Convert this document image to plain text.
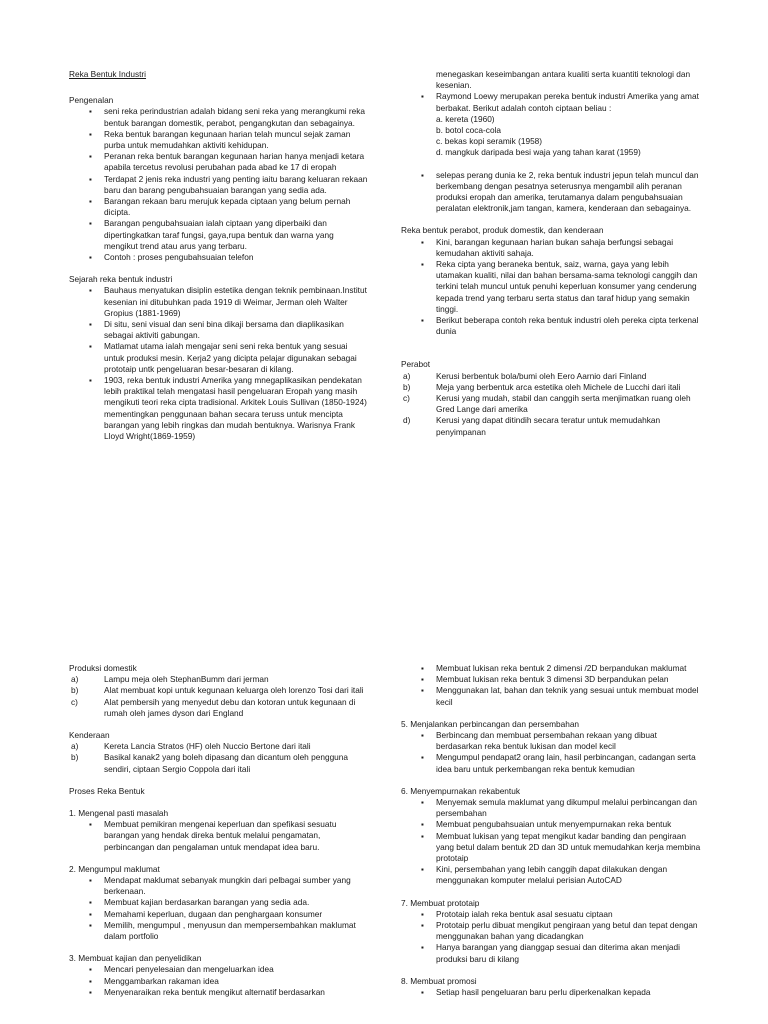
Reka Bentuk Industri

Pengenalan

▪ seni reka perindustrian adalah bidang seni reka yang merangkumi reka bentuk barangan domestik, perabot, pengangkutan dan sebagainya.
▪ Reka bentuk barangan kegunaan harian telah muncul sejak zaman purba untuk memudahkan aktiviti kehidupan.
▪ Peranan reka bentuk barangan kegunaan harian hanya menjadi ketara apabila tercetus revolusi perubahan pada abad ke 17 di eropah
▪ Terdapat 2 jenis reka industri yang penting iaitu barang keluaran rekaan baru dan barang pengubahsuaian barangan yang sedia ada.
▪ Barangan rekaan baru merujuk kepada ciptaan yang belum pernah dicipta.
▪ Barangan pengubahsuaian ialah ciptaan yang diperbaiki dan dipertingkatkan taraf fungsi, gaya,rupa bentuk dan warna yang mengikut trend atau arus yang terbaru.
▪ Contoh : proses pengubahsuaian telefon

Sejarah reka bentuk industri

▪ Bauhaus menyatukan disiplin estetika dengan teknik pembinaan.Institut kesenian ini ditubuhkan pada 1919 di Weimar, Jerman oleh Walter Gropius (1881-1969)
▪ Di situ, seni visual dan seni bina dikaji bersama dan diaplikasikan sebagai aktiviti gabungan.
▪ Matlamat utama ialah mengajar seni seni reka bentuk yang sesuai untuk produksi mesin. Kerja2 yang dicipta pelajar digunakan sebagai prototaip untk pengeluaran besar-besaran di kilang.
▪ 1903, reka bentuk industri Amerika yang mnegaplikasikan pendekatan lebih praktikal telah mengatasi hasil pengeluaran Eropah yang masih mengikuti teori reka cipta tradisional. Arkitek Louis Sullivan (1850-1924) mementingkan penggunaan bahan secara teruss untuk mencipta barangan yang lebih ringkas dan mudah bentuknya. Warisnya Frank Lloyd Wright(1869-1959)

menegaskan keseimbangan antara kualiti serta kuantiti teknologi dan kesenian.

▪ Raymond Loewy merupakan pereka bentuk industri Amerika yang amat berbakat. Berikut adalah contoh ciptaan beliau :

a. kereta (1960)

b. botol coca-cola

c. bekas kopi seramik (1958)

d. mangkuk daripada besi waja yang tahan karat (1959)

▪ selepas perang dunia ke 2, reka bentuk industri jepun telah muncul dan berkembang dengan pesatnya seterusnya mengambil alih peranan produksi eropah dan amerika, terutamanya dalam pengubahsuaian peralatan elektronik,jam tangan, kamera, kenderaan dan sebagainya.

Reka bentuk perabot, produk domestik, dan kenderaan

▪ Kini, barangan kegunaan harian bukan sahaja berfungsi sebagai kemudahan aktiviti sahaja.
▪ Reka cipta yang beraneka bentuk, saiz, warna, gaya yang lebih utamakan kualiti, nilai dan bahan bersama-sama teknologi canggih dan terkini telah muncul untuk penuhi keperluan konsumer yang cenderung kepada trend yang terbaru serta status dan taraf hidup yang semakin tinggi.
▪ Berikut beberapa contoh reka bentuk industri oleh pereka cipta terkenal dunia

Perabot

a)	Kerusi berbentuk bola/bumi oleh Eero Aarnio dari Finland
b)	Meja yang berbentuk arca estetika oleh Michele de Lucchi dari itali
c)	Kerusi yang mudah, stabil dan canggih serta menjimatkan ruang oleh Gred Lange dari amerika
d)	Kerusi yang dapat ditindih secara teratur untuk memudahkan penyimpanan

Produksi domestik

a)	Lampu meja oleh StephanBumm dari jerman
b)	Alat membuat kopi untuk kegunaan keluarga oleh lorenzo Tosi dari itali
c)	Alat pembersih yang menyedut debu dan kotoran untuk kegunaan di rumah oleh james dyson dari England

Kenderaan

a)	Kereta Lancia Stratos (HF) oleh Nuccio Bertone dari itali
b)	Basikal kanak2 yang boleh dipasang dan dicantum oleh pengguna sendiri, ciptaan Sergio Coppola dari itali

Proses Reka Bentuk

1. Mengenal pasti masalah

▪ Membuat pemikiran mengenai keperluan dan spefikasi sesuatu barangan yang hendak direka bentuk melalui pengamatan, perbincangan dan pengalaman untuk mendapat idea baru.

2. Mengumpul maklumat

▪ Mendapat maklumat sebanyak mungkin dari pelbagai sumber yang berkenaan.
▪ Membuat kajian berdasarkan barangan yang sedia ada.
▪ Memahami keperluan, dugaan dan penghargaan konsumer
▪ Memilih, mengumpul , menyusun dan mempersembahkan maklumat dalam portfolio

3. Membuat kajian dan penyelidikan

▪ Mencari penyelesaian dan mengeluarkan idea
▪ Menggambarkan rakaman idea
▪ Menyenaraikan reka bentuk mengikut alternatif berdasarkan
▪ Membuat lukisan reka bentuk 2 dimensi /2D berpandukan maklumat
▪ Membuat lukisan reka bentuk 3 dimensi 3D berpandukan pelan
▪ Menggunakan lat, bahan dan teknik yang sesuai untuk membuat model kecil

5. Menjalankan perbincangan dan persembahan

▪ Berbincang dan membuat persembahan rekaan yang dibuat berdasarkan reka bentuk lukisan dan model kecil
▪ Mengumpul pendapat2 orang lain, hasil perbincangan, cadangan serta idea baru untuk perkembangan reka bentuk kemudian

6. Menyempurnakan rekabentuk

▪ Menyemak semula maklumat yang dikumpul melalui perbincangan dan persembahan
▪ Membuat pengubahsuaian untuk menyempurnakan reka bentuk
▪ Membuat lukisan yang tepat mengikut kadar banding dan pengiraan yang betul dalam bentuk 2D dan 3D untuk memudahkan kerja membina prototaip
▪ Kini, persembahan yang lebih canggih dapat dilakukan dengan menggunakan komputer melalui perisian AutoCAD

7. Membuat prototaip

▪ Prototaip ialah reka bentuk asal sesuatu ciptaan
▪ Prototaip perlu dibuat mengikut pengiraan yang betul dan tepat dengan menggunakan bahan yang dicadangkan
▪ Hanya barangan yang dianggap sesuai dan diterima akan menjadi produksi baru di kilang

8. Membuat promosi

▪ Setiap hasil pengeluaran baru perlu diperkenalkan kepada
